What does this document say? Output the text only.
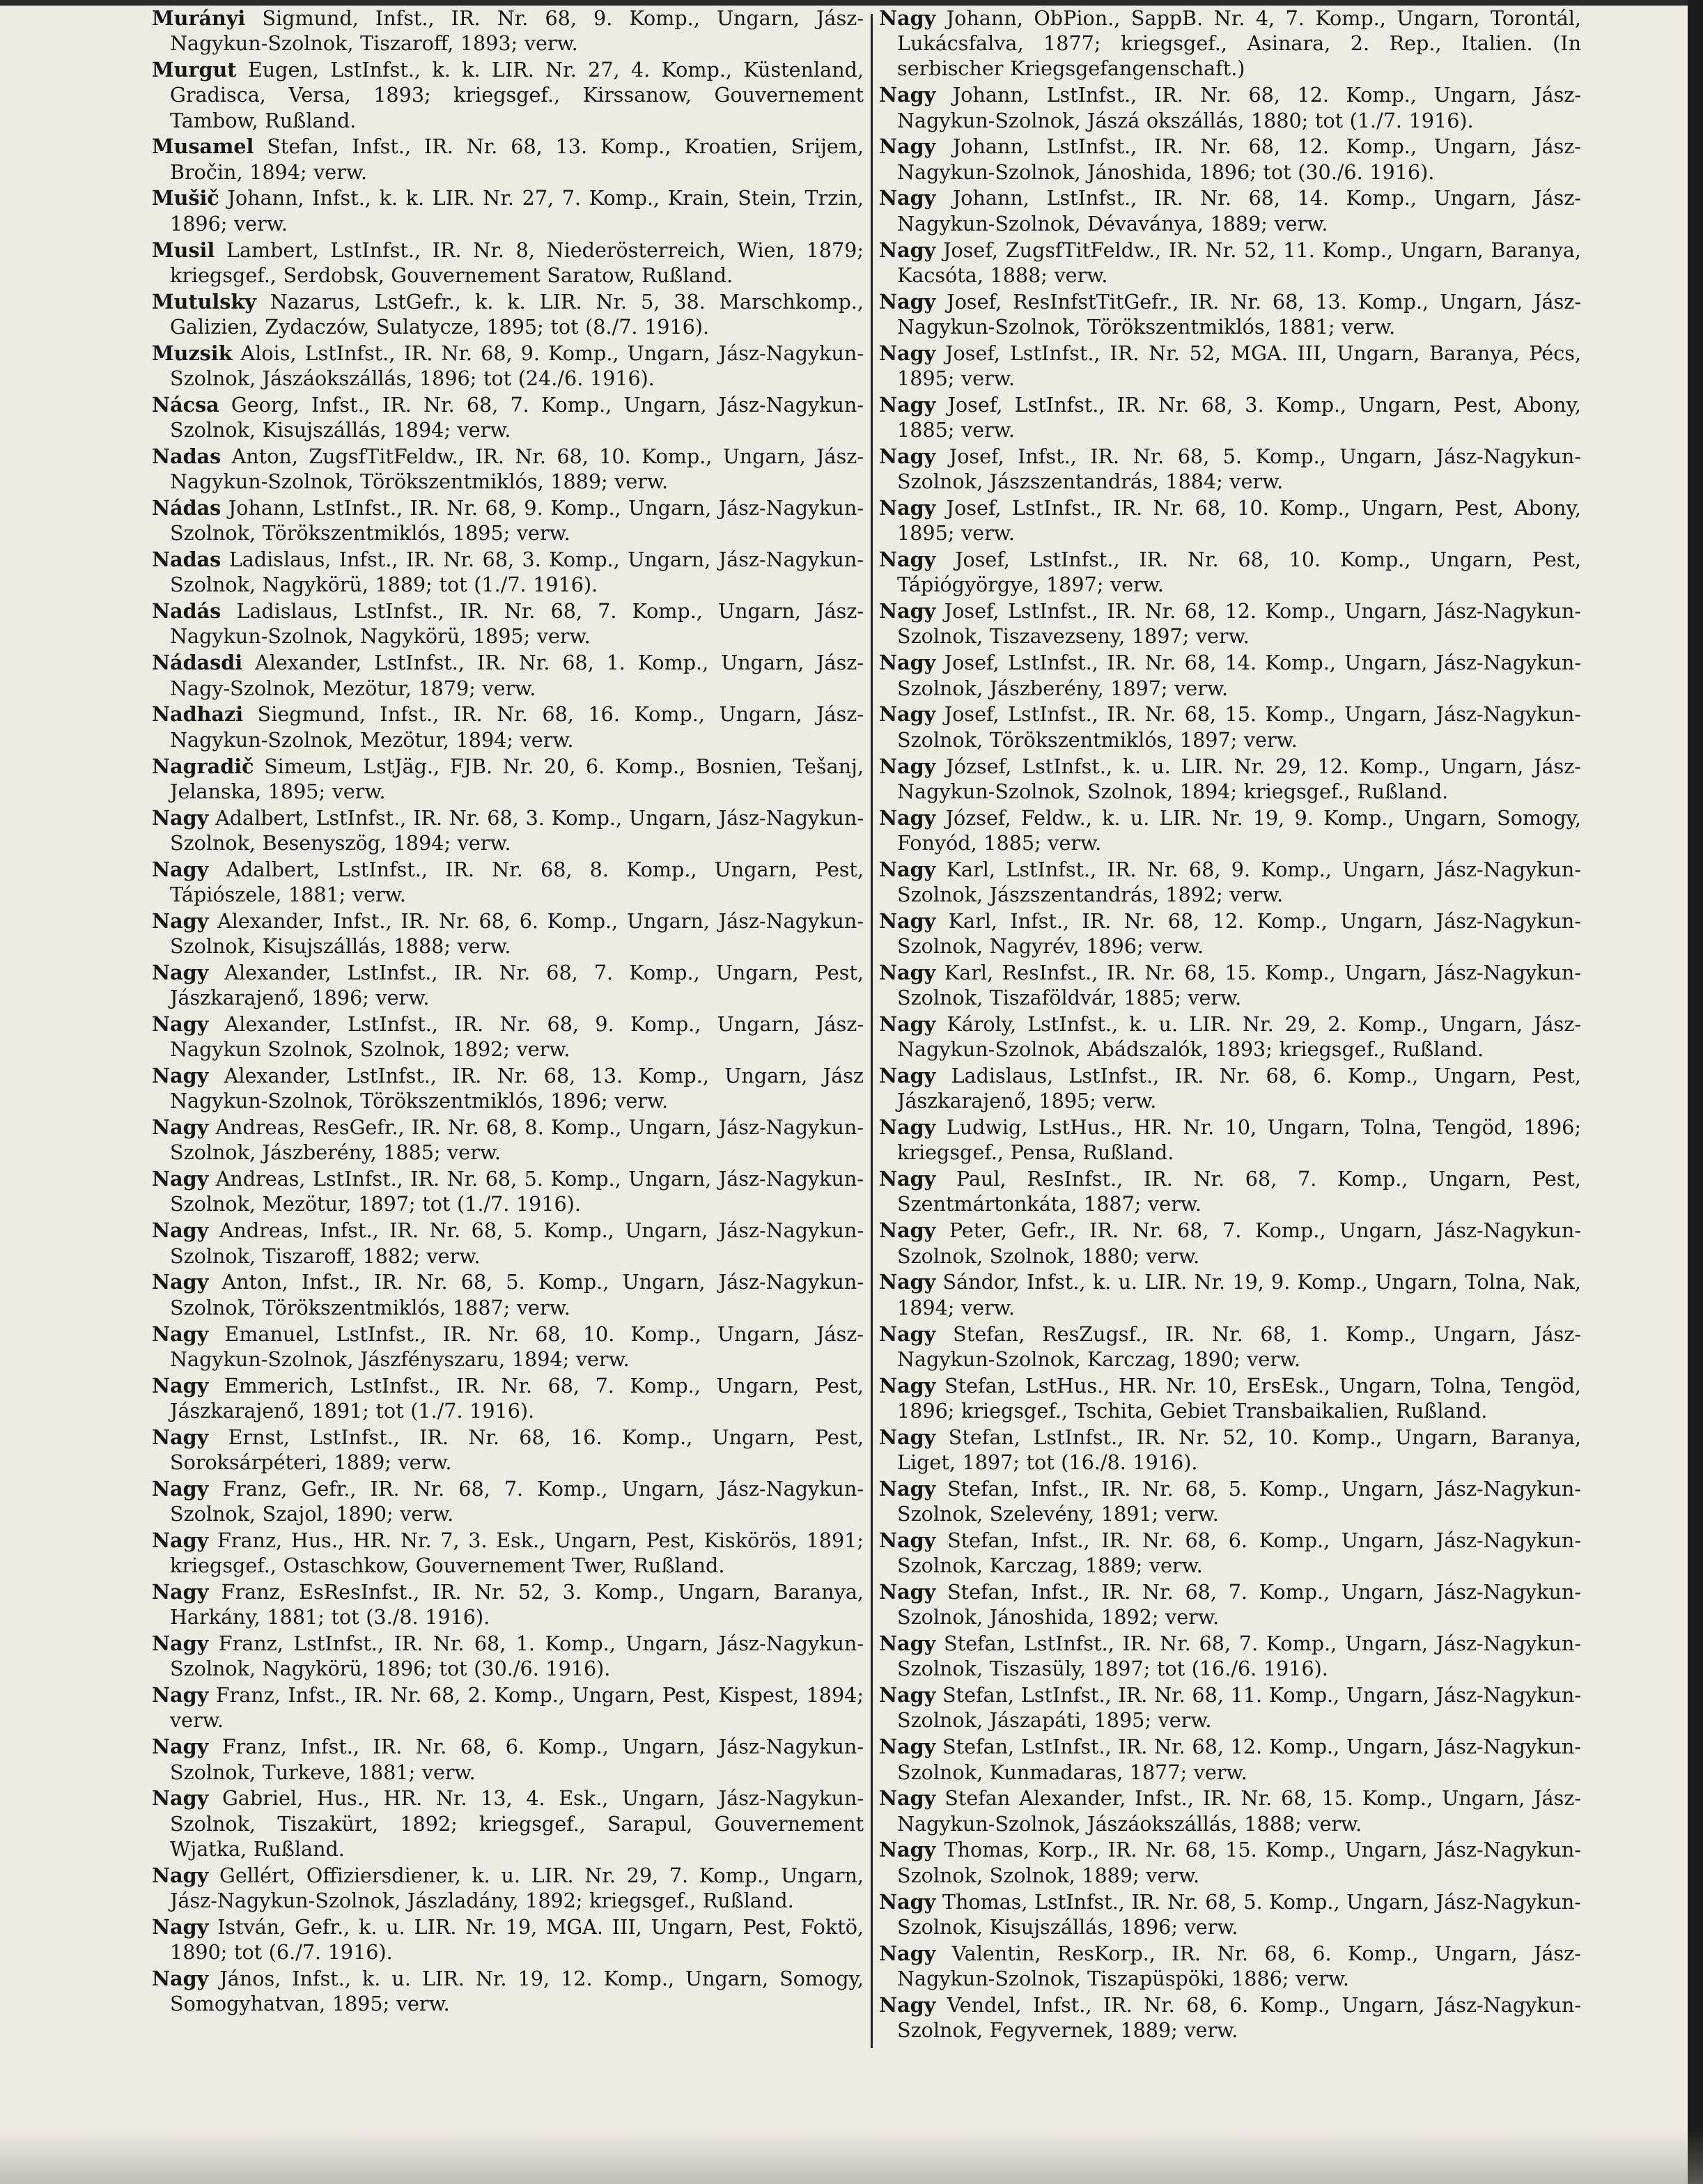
Murányi Sigmund, Infst., IR. Nr. 68, 9. Komp., Ungarn, Jász-Nagykun-Szolnok, Tiszaroff, 1893; verw.

Murgut Eugen, LstInfst., k. k. LIR. Nr. 27, 4. Komp., Küstenland, Gradisca, Versa, 1893; kriegsgef., Kirssanow, Gouvernement Tambow, Rußland.

Musamel Stefan, Infst., IR. Nr. 68, 13. Komp., Kroatien, Srijem, Bročin, 1894; verw.

Mušič Johann, Infst., k. k. LIR. Nr. 27, 7. Komp., Krain, Stein, Trzin, 1896; verw.

Musil Lambert, LstInfst., IR. Nr. 8, Niederösterreich, Wien, 1879; kriegsgef., Serdobsk, Gouvernement Saratow, Rußland.

Mutulsky Nazarus, LstGefr., k. k. LIR. Nr. 5, 38. Marschkomp., Galizien, Zydaczów, Sulatycze, 1895; tot (8./7. 1916).

Muzsik Alois, LstInfst., IR. Nr. 68, 9. Komp., Ungarn, Jász-Nagykun-Szolnok, Jászáokszállás, 1896; tot (24./6. 1916).

Nácsa Georg, Infst., IR. Nr. 68, 7. Komp., Ungarn, Jász-Nagykun-Szolnok, Kisujszállás, 1894; verw.

Nadas Anton, ZugsfTitFeldw., IR. Nr. 68, 10. Komp., Ungarn, Jász-Nagykun-Szolnok, Törökszentmiklós, 1889; verw.

Nádas Johann, LstInfst., IR. Nr. 68, 9. Komp., Ungarn, Jász-Nagykun-Szolnok, Törökszentmiklós, 1895; verw.

Nadas Ladislaus, Infst., IR. Nr. 68, 3. Komp., Ungarn, Jász-Nagykun-Szolnok, Nagykörü, 1889; tot (1./7. 1916).

Nadás Ladislaus, LstInfst., IR. Nr. 68, 7. Komp., Ungarn, Jász-Nagykun-Szolnok, Nagykörü, 1895; verw.

Nádasdi Alexander, LstInfst., IR. Nr. 68, 1. Komp., Ungarn, Jász-Nagy-Szolnok, Mezötur, 1879; verw.

Nadhazi Siegmund, Infst., IR. Nr. 68, 16. Komp., Ungarn, Jász-Nagykun-Szolnok, Mezötur, 1894; verw.

Nagradič Simeum, LstJäg., FJB. Nr. 20, 6. Komp., Bosnien, Tešanj, Jelanska, 1895; verw.

Nagy Adalbert, LstInfst., IR. Nr. 68, 3. Komp., Ungarn, Jász-Nagykun-Szolnok, Besenyszög, 1894; verw.

Nagy Adalbert, LstInfst., IR. Nr. 68, 8. Komp., Ungarn, Pest, Tápiószele, 1881; verw.

Nagy Alexander, Infst., IR. Nr. 68, 6. Komp., Ungarn, Jász-Nagykun-Szolnok, Kisujszállás, 1888; verw.

Nagy Alexander, LstInfst., IR. Nr. 68, 7. Komp., Ungarn, Pest, Jászkarajenő, 1896; verw.

Nagy Alexander, LstInfst., IR. Nr. 68, 9. Komp., Ungarn, Jász-Nagykun Szolnok, Szolnok, 1892; verw.

Nagy Alexander, LstInfst., IR. Nr. 68, 13. Komp., Ungarn, Jász Nagykun-Szolnok, Törökszentmiklós, 1896; verw.

Nagy Andreas, ResGefr., IR. Nr. 68, 8. Komp., Ungarn, Jász-Nagykun-Szolnok, Jászberény, 1885; verw.

Nagy Andreas, LstInfst., IR. Nr. 68, 5. Komp., Ungarn, Jász-Nagykun-Szolnok, Mezötur, 1897; tot (1./7. 1916).

Nagy Andreas, Infst., IR. Nr. 68, 5. Komp., Ungarn, Jász-Nagykun-Szolnok, Tiszaroff, 1882; verw.

Nagy Anton, Infst., IR. Nr. 68, 5. Komp., Ungarn, Jász-Nagykun-Szolnok, Törökszentmiklós, 1887; verw.

Nagy Emanuel, LstInfst., IR. Nr. 68, 10. Komp., Ungarn, Jász-Nagykun-Szolnok, Jászfényszaru, 1894; verw.

Nagy Emmerich, LstInfst., IR. Nr. 68, 7. Komp., Ungarn, Pest, Jászkarajenő, 1891; tot (1./7. 1916).

Nagy Ernst, LstInfst., IR. Nr. 68, 16. Komp., Ungarn, Pest, Soroksárpéteri, 1889; verw.

Nagy Franz, Gefr., IR. Nr. 68, 7. Komp., Ungarn, Jász-Nagykun-Szolnok, Szajol, 1890; verw.

Nagy Franz, Hus., HR. Nr. 7, 3. Esk., Ungarn, Pest, Kiskörös, 1891; kriegsgef., Ostaschkow, Gouvernement Twer, Rußland.

Nagy Franz, EsResInfst., IR. Nr. 52, 3. Komp., Ungarn, Baranya, Harkány, 1881; tot (3./8. 1916).

Nagy Franz, LstInfst., IR. Nr. 68, 1. Komp., Ungarn, Jász-Nagykun-Szolnok, Nagykörü, 1896; tot (30./6. 1916).

Nagy Franz, Infst., IR. Nr. 68, 2. Komp., Ungarn, Pest, Kispest, 1894; verw.

Nagy Franz, Infst., IR. Nr. 68, 6. Komp., Ungarn, Jász-Nagykun-Szolnok, Turkeve, 1881; verw.

Nagy Gabriel, Hus., HR. Nr. 13, 4. Esk., Ungarn, Jász-Nagykun-Szolnok, Tiszakürt, 1892; kriegsgef., Sarapul, Gouvernement Wjatka, Rußland.

Nagy Gellért, Offiziersdiener, k. u. LIR. Nr. 29, 7. Komp., Ungarn, Jász-Nagykun-Szolnok, Jászladány, 1892; kriegsgef., Rußland.

Nagy István, Gefr., k. u. LIR. Nr. 19, MGA. III, Ungarn, Pest, Foktö, 1890; tot (6./7. 1916).

Nagy János, Infst., k. u. LIR. Nr. 19, 12. Komp., Ungarn, Somogy, Somogyhatvan, 1895; verw.

Nagy Johann, ObPion., SappB. Nr. 4, 7. Komp., Ungarn, Torontál, Lukácsfalva, 1877; kriegsgef., Asinara, 2. Rep., Italien. (In serbischer Kriegsgefangenschaft.)

Nagy Johann, LstInfst., IR. Nr. 68, 12. Komp., Ungarn, Jász-Nagykun-Szolnok, Jászá okszállás, 1880; tot (1./7. 1916).

Nagy Johann, LstInfst., IR. Nr. 68, 12. Komp., Ungarn, Jász-Nagykun-Szolnok, Jánoshida, 1896; tot (30./6. 1916).

Nagy Johann, LstInfst., IR. Nr. 68, 14. Komp., Ungarn, Jász-Nagykun-Szolnok, Dévaványa, 1889; verw.

Nagy Josef, ZugsfTitFeldw., IR. Nr. 52, 11. Komp., Ungarn, Baranya, Kacsóta, 1888; verw.

Nagy Josef, ResInfstTitGefr., IR. Nr. 68, 13. Komp., Ungarn, Jász-Nagykun-Szolnok, Törökszentmiklós, 1881; verw.

Nagy Josef, LstInfst., IR. Nr. 52, MGA. III, Ungarn, Baranya, Pécs, 1895; verw.

Nagy Josef, LstInfst., IR. Nr. 68, 3. Komp., Ungarn, Pest, Abony, 1885; verw.

Nagy Josef, Infst., IR. Nr. 68, 5. Komp., Ungarn, Jász-Nagykun-Szolnok, Jászszentandrás, 1884; verw.

Nagy Josef, LstInfst., IR. Nr. 68, 10. Komp., Ungarn, Pest, Abony, 1895; verw.

Nagy Josef, LstInfst., IR. Nr. 68, 10. Komp., Ungarn, Pest, Tápiógyörgye, 1897; verw.

Nagy Josef, LstInfst., IR. Nr. 68, 12. Komp., Ungarn, Jász-Nagykun-Szolnok, Tiszavezseny, 1897; verw.

Nagy Josef, LstInfst., IR. Nr. 68, 14. Komp., Ungarn, Jász-Nagykun-Szolnok, Jászberény, 1897; verw.

Nagy Josef, LstInfst., IR. Nr. 68, 15. Komp., Ungarn, Jász-Nagykun-Szolnok, Törökszentmiklós, 1897; verw.

Nagy József, LstInfst., k. u. LIR. Nr. 29, 12. Komp., Ungarn, Jász-Nagykun-Szolnok, Szolnok, 1894; kriegsgef., Rußland.

Nagy József, Feldw., k. u. LIR. Nr. 19, 9. Komp., Ungarn, Somogy, Fonyód, 1885; verw.

Nagy Karl, LstInfst., IR. Nr. 68, 9. Komp., Ungarn, Jász-Nagykun-Szolnok, Jászszentandrás, 1892; verw.

Nagy Karl, Infst., IR. Nr. 68, 12. Komp., Ungarn, Jász-Nagykun-Szolnok, Nagyrév, 1896; verw.

Nagy Karl, ResInfst., IR. Nr. 68, 15. Komp., Ungarn, Jász-Nagykun-Szolnok, Tiszaföldvár, 1885; verw.

Nagy Károly, LstInfst., k. u. LIR. Nr. 29, 2. Komp., Ungarn, Jász-Nagykun-Szolnok, Abádszalók, 1893; kriegsgef., Rußland.

Nagy Ladislaus, LstInfst., IR. Nr. 68, 6. Komp., Ungarn, Pest, Jászkarajenő, 1895; verw.

Nagy Ludwig, LstHus., HR. Nr. 10, Ungarn, Tolna, Tengöd, 1896; kriegsgef., Pensa, Rußland.

Nagy Paul, ResInfst., IR. Nr. 68, 7. Komp., Ungarn, Pest, Szentmártonkáta, 1887; verw.

Nagy Peter, Gefr., IR. Nr. 68, 7. Komp., Ungarn, Jász-Nagykun-Szolnok, Szolnok, 1880; verw.

Nagy Sándor, Infst., k. u. LIR. Nr. 19, 9. Komp., Ungarn, Tolna, Nak, 1894; verw.

Nagy Stefan, ResZugsf., IR. Nr. 68, 1. Komp., Ungarn, Jász-Nagykun-Szolnok, Karczag, 1890; verw.

Nagy Stefan, LstHus., HR. Nr. 10, ErsEsk., Ungarn, Tolna, Tengöd, 1896; kriegsgef., Tschita, Gebiet Transbaikalien, Rußland.

Nagy Stefan, LstInfst., IR. Nr. 52, 10. Komp., Ungarn, Baranya, Liget, 1897; tot (16./8. 1916).

Nagy Stefan, Infst., IR. Nr. 68, 5. Komp., Ungarn, Jász-Nagykun-Szolnok, Szelevény, 1891; verw.

Nagy Stefan, Infst., IR. Nr. 68, 6. Komp., Ungarn, Jász-Nagykun-Szolnok, Karczag, 1889; verw.

Nagy Stefan, Infst., IR. Nr. 68, 7. Komp., Ungarn, Jász-Nagykun-Szolnok, Jánoshida, 1892; verw.

Nagy Stefan, LstInfst., IR. Nr. 68, 7. Komp., Ungarn, Jász-Nagykun-Szolnok, Tiszasüly, 1897; tot (16./6. 1916).

Nagy Stefan, LstInfst., IR. Nr. 68, 11. Komp., Ungarn, Jász-Nagykun-Szolnok, Jászapáti, 1895; verw.

Nagy Stefan, LstInfst., IR. Nr. 68, 12. Komp., Ungarn, Jász-Nagykun-Szolnok, Kunmadaras, 1877; verw.

Nagy Stefan Alexander, Infst., IR. Nr. 68, 15. Komp., Ungarn, Jász-Nagykun-Szolnok, Jászáokszállás, 1888; verw.

Nagy Thomas, Korp., IR. Nr. 68, 15. Komp., Ungarn, Jász-Nagykun-Szolnok, Szolnok, 1889; verw.

Nagy Thomas, LstInfst., IR. Nr. 68, 5. Komp., Ungarn, Jász-Nagykun-Szolnok, Kisujszállás, 1896; verw.

Nagy Valentin, ResKorp., IR. Nr. 68, 6. Komp., Ungarn, Jász-Nagykun-Szolnok, Tiszapüspöki, 1886; verw.

Nagy Vendel, Infst., IR. Nr. 68, 6. Komp., Ungarn, Jász-Nagykun-Szolnok, Fegyvernek, 1889; verw.
